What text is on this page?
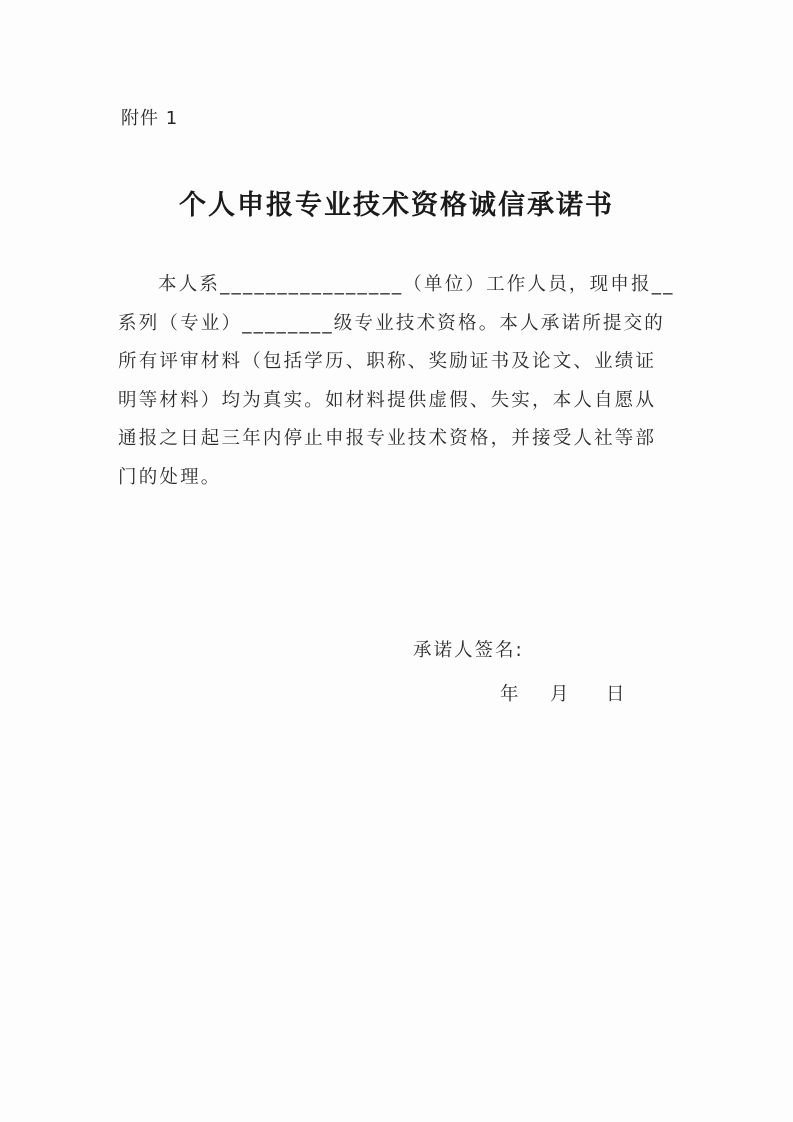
附件 1
个人申报专业技术资格诚信承诺书
本人系________________（单位）工作人员，现申报__
系列（专业）________级专业技术资格。本人承诺所提交的
所有评审材料（包括学历、职称、奖励证书及论文、业绩证
明等材料）均为真实。如材料提供虚假、失实，本人自愿从
通报之日起三年内停止申报专业技术资格，并接受人社等部
门的处理。
承诺人签名:
年 月 日
